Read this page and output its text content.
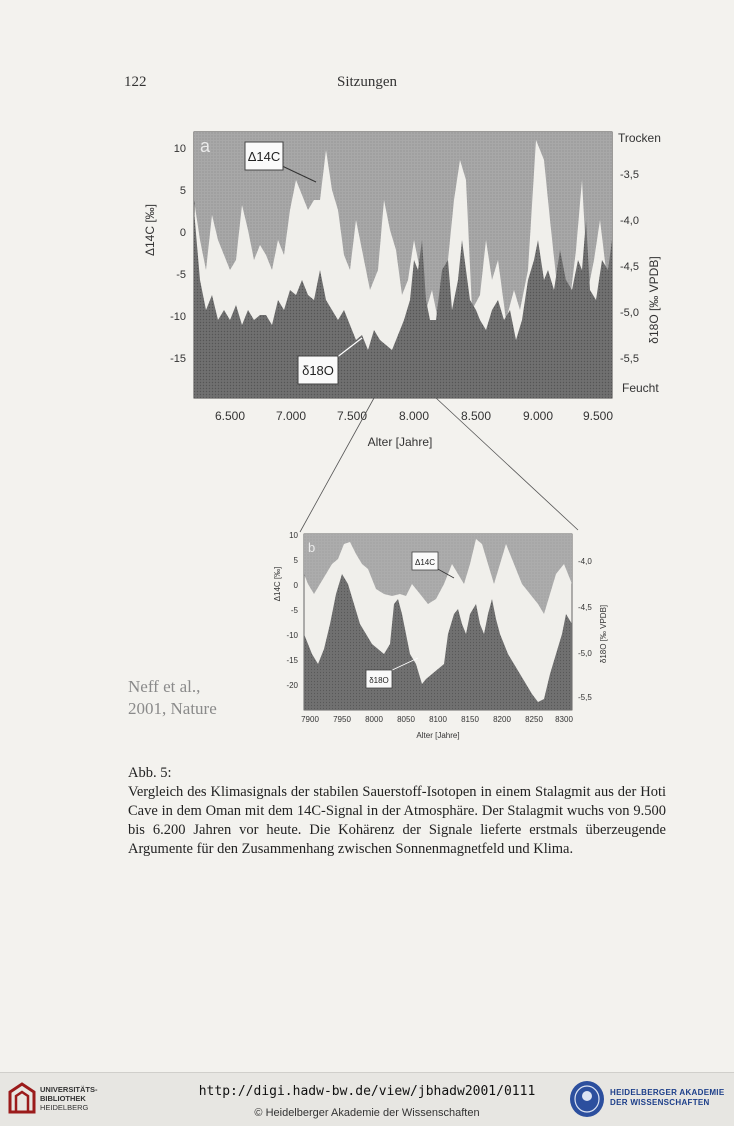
122	Sitzungen
a
10
5
0
-5
-10
-15
Δ14C [‰]
Trocken
-3,5
-4,0
-4,5
-5,0
-5,5
Feucht
δ18O [‰ VPDB]
6.500	7.000	7.500	8.000	8.500	9.000 9.500
Alter [Jahre]
Δ14C
δ18O
b
10
5
0
-5
-10
-15
-20
Δ14C [‰]
-4,0
-4,5
-5,0
-5,5
δ18O [‰ VPDB]
7900 7950 8000 8050 8100 8150 8200 8250 8300
Alter [Jahre]
Δ14C
δ18O
Neff et al.,
2001, Nature
Abb. 5:
Vergleich des Klimasignals der stabilen Sauerstoff-Isotopen in einem Stalagmit aus der Hoti Cave in dem Oman mit dem 14C-Signal in der Atmosphäre. Der Stalagmit wuchs von 9.500 bis 6.200 Jahren vor heute. Die Kohärenz der Signale lieferte erstmals überzeugende Argumente für den Zusammenhang zwischen Sonnenmagnetfeld und Klima.
UNIVERSITÄTS-
BIBLIOTHEK
HEIDELBERG
http://digi.hadw-bw.de/view/jbhadw2001/0111
© Heidelberger Akademie der Wissenschaften
HEIDELBERGER AKADEMIE
DER WISSENSCHAFTEN
